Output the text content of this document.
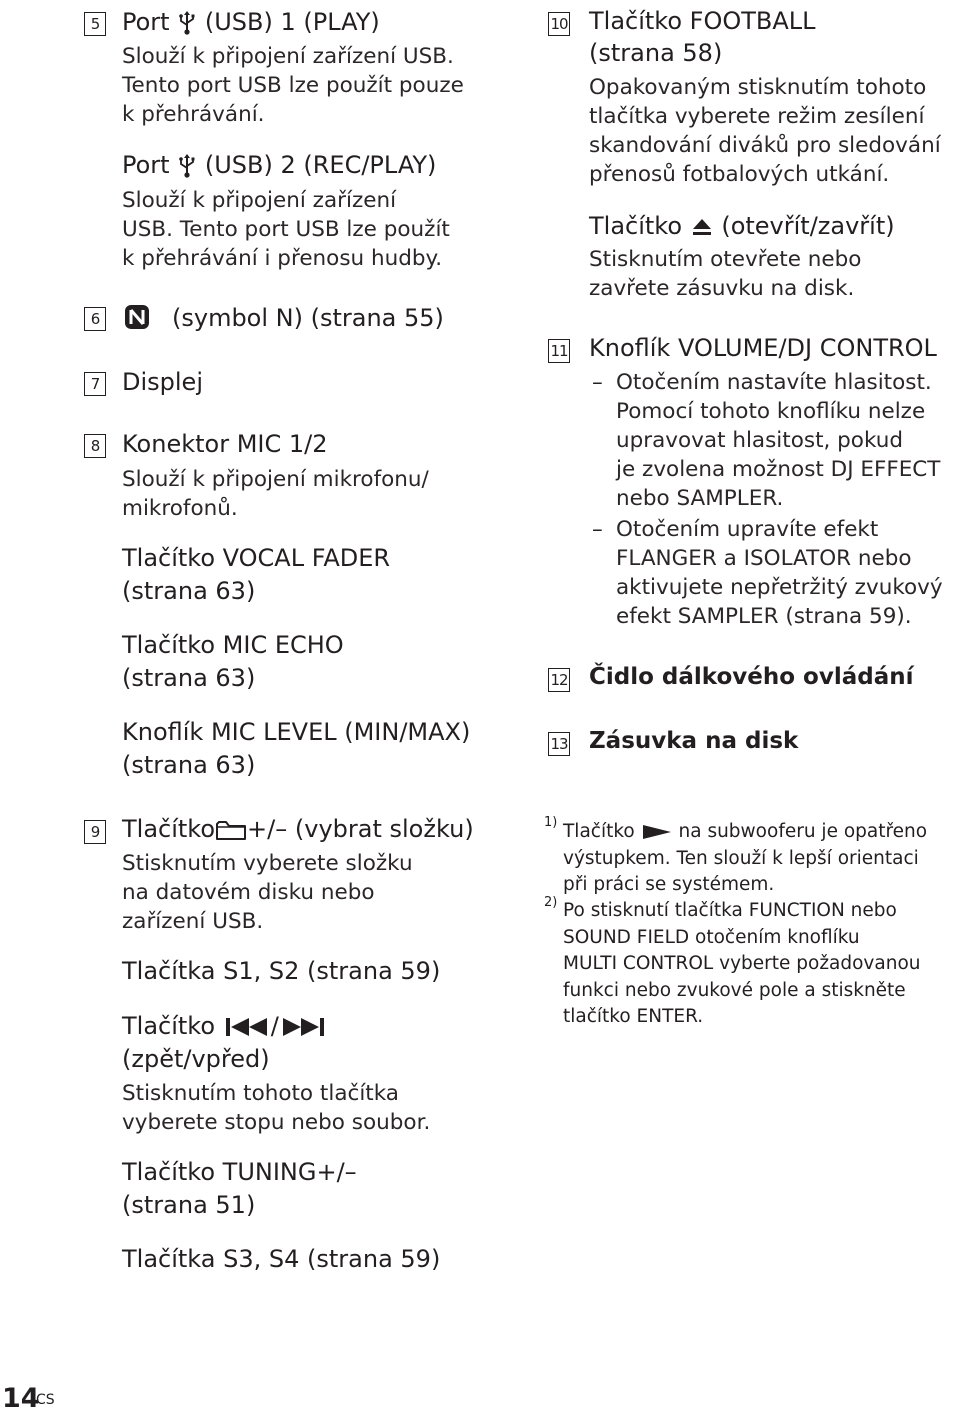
5 Port (USB) 1 (PLAY)
Slouží k připojení zařízení USB.
Tento port USB lze použít pouze
k přehrávání.
Port (USB) 2 (REC/PLAY)
Slouží k připojení zařízení
USB. Tento port USB lze použít
k přehrávání i přenosu hudby.
6	(symbol N) (strana 55)
7 Displej
8 Konektor MIC 1/2
Slouží k připojení mikrofonu/
mikrofonů.
Tlačítko VOCAL FADER
(strana 63)
Tlačítko MIC ECHO
(strana 63)
Knoflík MIC LEVEL (MIN/MAX)
(strana 63)
9 Tlačítko +/– (vybrat složku)
Stisknutím vyberete složku
na datovém disku nebo
zařízení USB.
Tlačítka S1, S2 (strana 59)
Tlačítko /
(zpět/vpřed)
Stisknutím tohoto tlačítka
vyberete stopu nebo soubor.
Tlačítko TUNING+/–
(strana 51)
Tlačítka S3, S4 (strana 59)
10 Tlačítko FOOTBALL
(strana 58)
Opakovaným stisknutím tohoto
tlačítka vyberete režim zesílení
skandování diváků pro sledování
přenosů fotbalových utkání.
Tlačítko (otevřít/zavřít)
Stisknutím otevřete nebo
zavřete zásuvku na disk.
11 Knoflík VOLUME/DJ CONTROL
– Otočením nastavíte hlasitost.
Pomocí tohoto knoflíku nelze
upravovat hlasitost, pokud
je zvolena možnost DJ EFFECT
nebo SAMPLER.
– Otočením upravíte efekt
FLANGER a ISOLATOR nebo
aktivujete nepřetržitý zvukový
efekt SAMPLER (strana 59).
12 Čidlo dálkového ovládání
13 Zásuvka na disk
1) Tlačítko na subwooferu je opatřeno
výstupkem. Ten slouží k lepší orientaci
při práci se systémem.
2) Po stisknutí tlačítka FUNCTION nebo
SOUND FIELD otočením knoflíku
MULTI CONTROL vyberte požadovanou
funkci nebo zvukové pole a stiskněte
tlačítko ENTER.
14
CS
